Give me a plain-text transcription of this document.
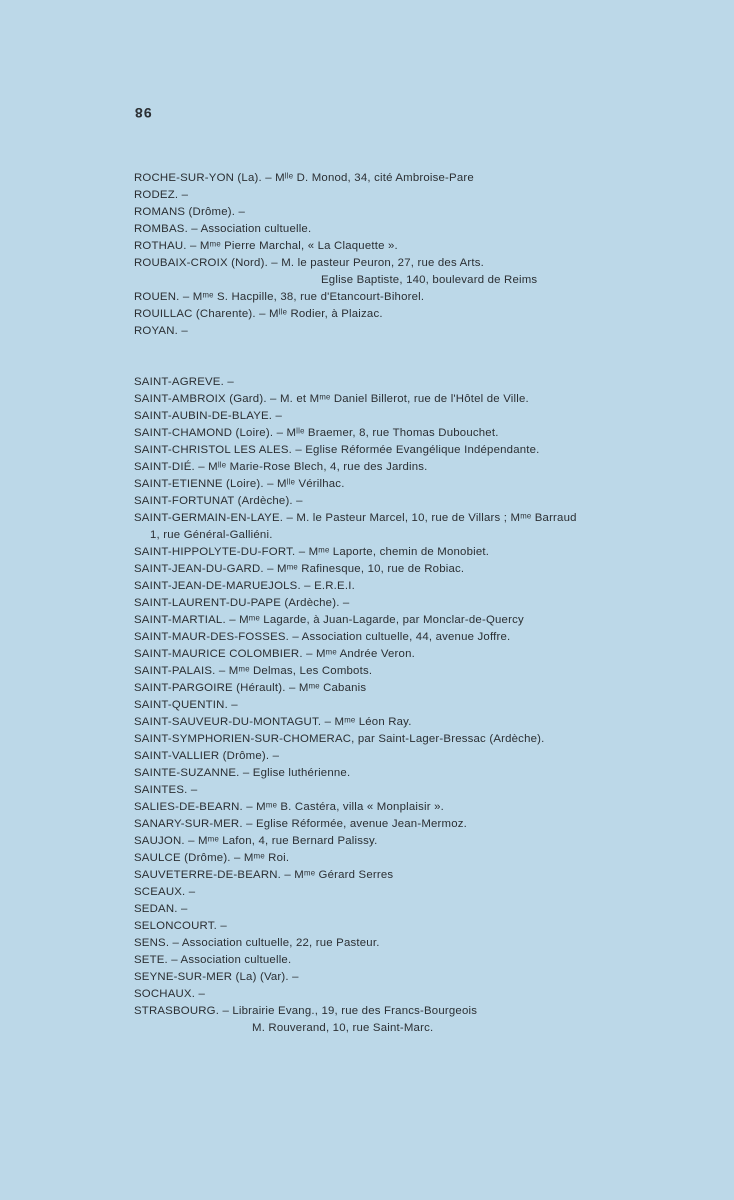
98
ROCHE-SUR-YON (La). – Mˡˡᵉ D. Monod, 34, cité Ambroise-Pare
RODEZ. –
ROMANS (Drôme). –
ROMBAS. – Association cultuelle.
ROTHAU. – Mᵐᵉ Pierre Marchal, « La Claquette ».
ROUBAIX-CROIX (Nord). – M. le pasteur Peuron, 27, rue des Arts.
Eglise Baptiste, 140, boulevard de Reims
ROUEN. – Mᵐᵉ S. Hacpille, 38, rue d'Etancourt-Bihorel.
ROUILLAC (Charente). – Mˡˡᵉ Rodier, à Plaizac.
ROYAN. –
SAINT-AGREVE. –
SAINT-AMBROIX (Gard). – M. et Mᵐᵉ Daniel Billerot, rue de l'Hôtel de Ville.
SAINT-AUBIN-DE-BLAYE. –
SAINT-CHAMOND (Loire). – Mˡˡᵉ Braemer, 8, rue Thomas Dubouchet.
SAINT-CHRISTOL LES ALES. – Eglise Réformée Evangélique Indépendante.
SAINT-DIÉ. – Mˡˡᵉ Marie-Rose Blech, 4, rue des Jardins.
SAINT-ETIENNE (Loire). – Mˡˡᵉ Vérilhac.
SAINT-FORTUNAT (Ardèche). –
SAINT-GERMAIN-EN-LAYE. – M. le Pasteur Marcel, 10, rue de Villars ; Mᵐᵉ Barraud
1, rue Général-Galliéni.
SAINT-HIPPOLYTE-DU-FORT. – Mᵐᵉ Laporte, chemin de Monobiet.
SAINT-JEAN-DU-GARD. – Mᵐᵉ Rafinesque, 10, rue de Robiac.
SAINT-JEAN-DE-MARUEJOLS. – E.R.E.I.
SAINT-LAURENT-DU-PAPE (Ardèche). –
SAINT-MARTIAL. – Mᵐᵉ Lagarde, à Juan-Lagarde, par Monclar-de-Quercy
SAINT-MAUR-DES-FOSSES. – Association cultuelle, 44, avenue Joffre.
SAINT-MAURICE COLOMBIER. – Mᵐᵉ Andrée Veron.
SAINT-PALAIS. – Mᵐᵉ Delmas, Les Combots.
SAINT-PARGOIRE (Hérault). – Mᵐᵉ Cabanis
SAINT-QUENTIN. –
SAINT-SAUVEUR-DU-MONTAGUT. – Mᵐᵉ Léon Ray.
SAINT-SYMPHORIEN-SUR-CHOMERAC, par Saint-Lager-Bressac (Ardèche).
SAINT-VALLIER (Drôme). –
SAINTE-SUZANNE. – Eglise luthérienne.
SAINTES. –
SALIES-DE-BEARN. – Mᵐᵉ B. Castéra, villa « Monplaisir ».
SANARY-SUR-MER. – Eglise Réformée, avenue Jean-Mermoz.
SAUJON. – Mᵐᵉ Lafon, 4, rue Bernard Palissy.
SAULCE (Drôme). – Mᵐᵉ Roi.
SAUVETERRE-DE-BEARN. – Mᵐᵉ Gérard Serres
SCEAUX. –
SEDAN. –
SELONCOURT. –
SENS. – Association cultuelle, 22, rue Pasteur.
SETE. – Association cultuelle.
SEYNE-SUR-MER (La) (Var). –
SOCHAUX. –
STRASBOURG. – Librairie Evang., 19, rue des Francs-Bourgeois
M. Rouverand, 10, rue Saint-Marc.
